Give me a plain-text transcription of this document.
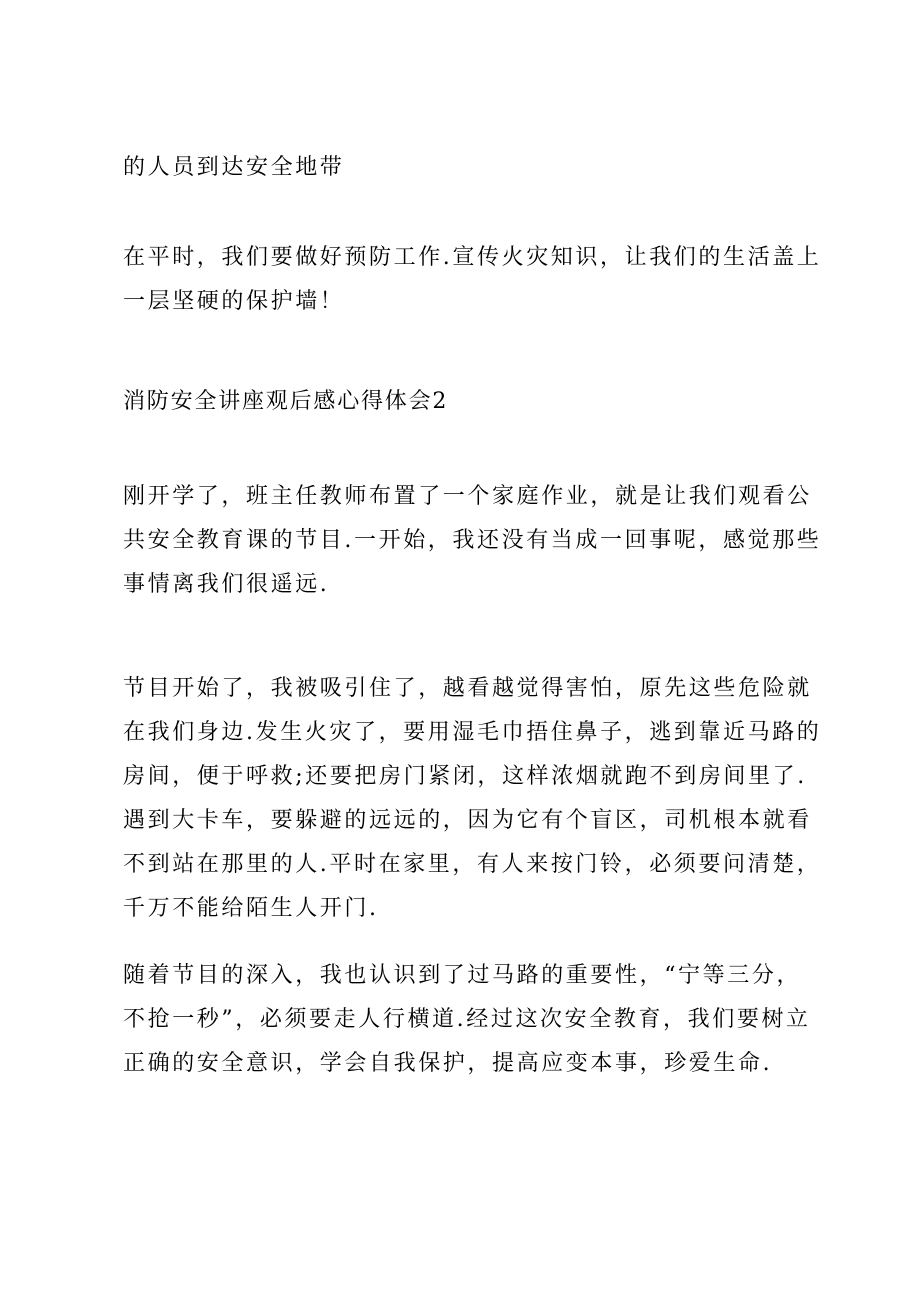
的人员到达安全地带

在平时，我们要做好预防工作.宣传火灾知识，让我们的生活盖上一层坚硬的保护墙！

消防安全讲座观后感心得体会2

刚开学了，班主任教师布置了一个家庭作业，就是让我们观看公共安全教育课的节目.一开始，我还没有当成一回事呢，感觉那些事情离我们很遥远.

节目开始了，我被吸引住了，越看越觉得害怕，原先这些危险就在我们身边.发生火灾了，要用湿毛巾捂住鼻子，逃到靠近马路的房间，便于呼救;还要把房门紧闭，这样浓烟就跑不到房间里了.遇到大卡车，要躲避的远远的，因为它有个盲区，司机根本就看不到站在那里的人.平时在家里，有人来按门铃，必须要问清楚，千万不能给陌生人开门.

随着节目的深入，我也认识到了过马路的重要性，“宁等三分，不抢一秒”，必须要走人行横道.经过这次安全教育，我们要树立正确的安全意识，学会自我保护，提高应变本事，珍爱生命.
